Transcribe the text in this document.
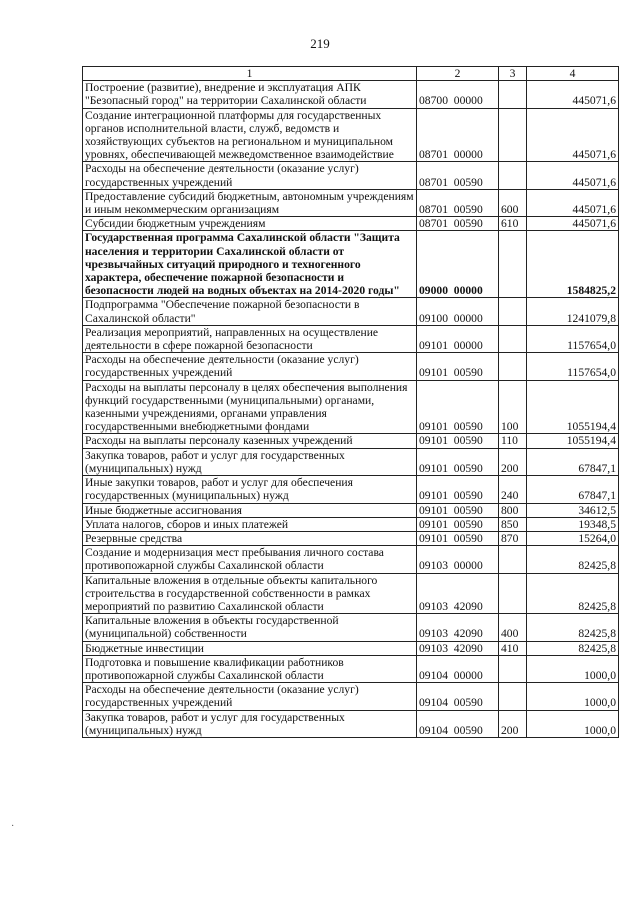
219
1	2	3	4
Построение (развитие), внедрение и эксплуатация АПК "Безопасный город" на территории Сахалинской области	08700  00000		445071,6
Создание интеграционной платформы для государственных органов исполнительной власти, служб, ведомств и хозяйствующих субъектов на региональном и муниципальном уровнях, обеспечивающей межведомственное взаимодействие	08701  00000		445071,6
Расходы на обеспечение деятельности (оказание услуг) государственных учреждений	08701  00590		445071,6
Предоставление субсидий бюджетным, автономным учреждениям и иным некоммерческим организациям	08701  00590	600	445071,6
Субсидии бюджетным учреждениям	08701  00590	610	445071,6
Государственная программа Сахалинской области "Защита населения и территории Сахалинской области от чрезвычайных ситуаций природного и техногенного характера, обеспечение пожарной безопасности и безопасности людей на водных объектах на 2014-2020 годы"	09000  00000		1584825,2
Подпрограмма "Обеспечение пожарной безопасности в Сахалинской области"	09100  00000		1241079,8
Реализация мероприятий, направленных на осуществление деятельности в сфере пожарной безопасности	09101  00000		1157654,0
Расходы на обеспечение деятельности (оказание услуг) государственных учреждений	09101  00590		1157654,0
Расходы на выплаты персоналу в целях обеспечения выполнения функций государственными (муниципальными) органами, казенными учреждениями, органами управления государственными внебюджетными фондами	09101  00590	100	1055194,4
Расходы на выплаты персоналу казенных учреждений	09101  00590	110	1055194,4
Закупка товаров, работ и услуг для государственных (муниципальных) нужд	09101  00590	200	67847,1
Иные закупки товаров, работ и услуг для обеспечения государственных (муниципальных) нужд	09101  00590	240	67847,1
Иные бюджетные ассигнования	09101  00590	800	34612,5
Уплата налогов, сборов и иных платежей	09101  00590	850	19348,5
Резервные средства	09101  00590	870	15264,0
Создание и модернизация мест пребывания личного состава противопожарной службы Сахалинской области	09103  00000		82425,8
Капитальные вложения в отдельные объекты капитального строительства в государственной собственности в рамках мероприятий по развитию Сахалинской области	09103  42090		82425,8
Капитальные вложения в объекты государственной (муниципальной) собственности	09103  42090	400	82425,8
Бюджетные инвестиции	09103  42090	410	82425,8
Подготовка и повышение квалификации работников противопожарной службы Сахалинской области	09104  00000		1000,0
Расходы на обеспечение деятельности (оказание услуг) государственных учреждений	09104  00590		1000,0
Закупка товаров, работ и услуг для государственных (муниципальных) нужд	09104  00590	200	1000,0
·
